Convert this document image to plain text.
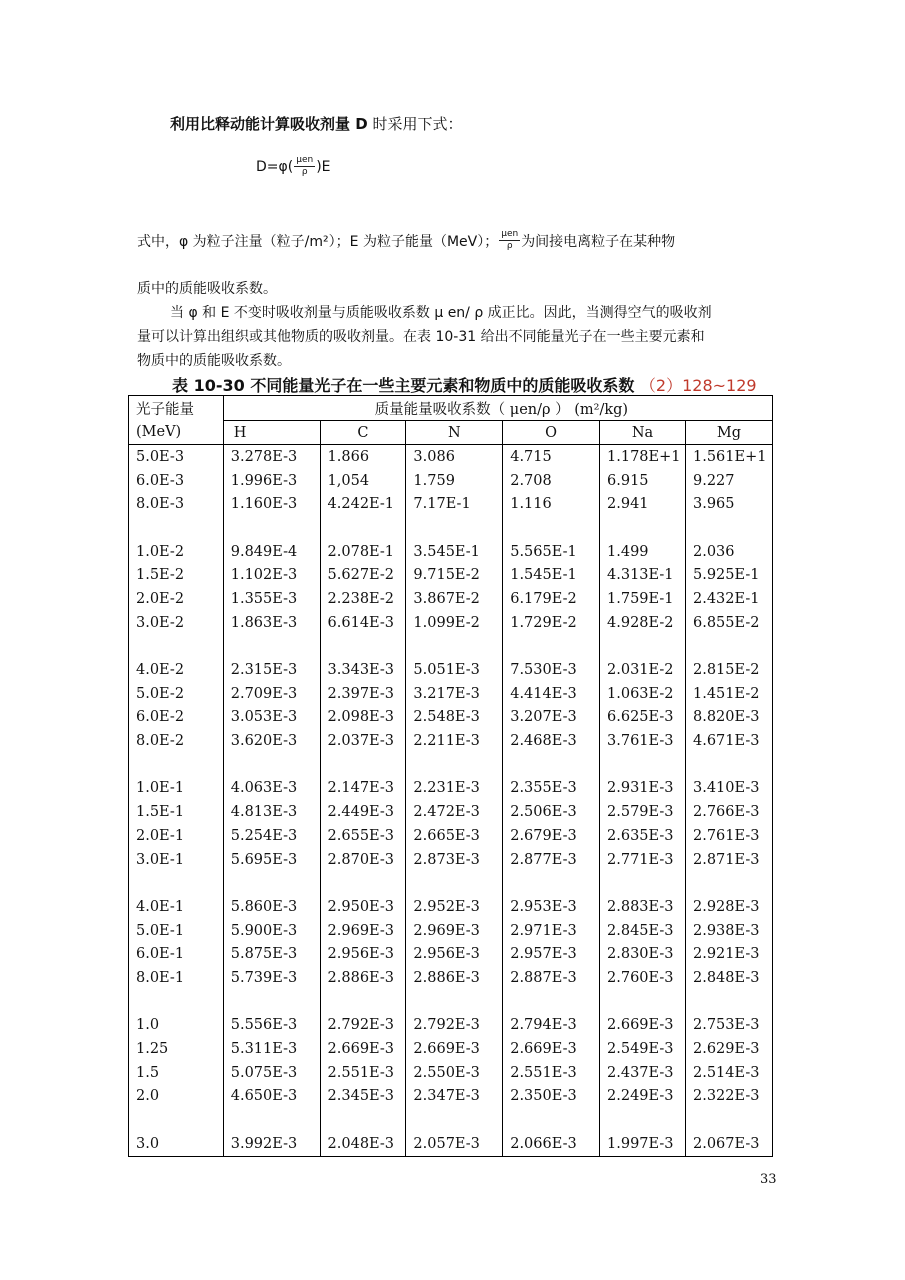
利用比释动能计算吸收剂量 D 时采用下式：
$D=\varphi( \frac{\text{μen}}{\rho} )E$
式中，φ 为粒子注量（粒子/m²）；E 为粒子能量（MeV）； $\frac{\text{μen}}{\rho}$ 为间接电离粒子在某种物
质中的质能吸收系数。
当 φ 和 E 不变时吸收剂量与质能吸收系数 μ en/ ρ 成正比。因此，当测得空气的吸收剂
量可以计算出组织或其他物质的吸收剂量。在表 10-31 给出不同能量光子在一些主要元素和
物质中的质能吸收系数。
表 10-30 不同能量光子在一些主要元素和物质中的质能吸收系数 （2）128~129
光子能量	质量能量吸收系数（ μen/ρ ） (m²/kg)					
(MeV)	H	C	N	O	Na	Mg
5.0E-3	3.278E-3	1.866	3.086	4.715	1.178E+1	1.561E+1
6.0E-3	1.996E-3	1,054	1.759	2.708	6.915	9.227
8.0E-3	1.160E-3	4.242E-1	7.17E-1	1.116	2.941	3.965

1.0E-2	9.849E-4	2.078E-1	3.545E-1	5.565E-1	1.499	2.036
1.5E-2	1.102E-3	5.627E-2	9.715E-2	1.545E-1	4.313E-1	5.925E-1
2.0E-2	1.355E-3	2.238E-2	3.867E-2	6.179E-2	1.759E-1	2.432E-1
3.0E-2	1.863E-3	6.614E-3	1.099E-2	1.729E-2	4.928E-2	6.855E-2

4.0E-2	2.315E-3	3.343E-3	5.051E-3	7.530E-3	2.031E-2	2.815E-2
5.0E-2	2.709E-3	2.397E-3	3.217E-3	4.414E-3	1.063E-2	1.451E-2
6.0E-2	3.053E-3	2.098E-3	2.548E-3	3.207E-3	6.625E-3	8.820E-3
8.0E-2	3.620E-3	2.037E-3	2.211E-3	2.468E-3	3.761E-3	4.671E-3

1.0E-1	4.063E-3	2.147E-3	2.231E-3	2.355E-3	2.931E-3	3.410E-3
1.5E-1	4.813E-3	2.449E-3	2.472E-3	2.506E-3	2.579E-3	2.766E-3
2.0E-1	5.254E-3	2.655E-3	2.665E-3	2.679E-3	2.635E-3	2.761E-3
3.0E-1	5.695E-3	2.870E-3	2.873E-3	2.877E-3	2.771E-3	2.871E-3

4.0E-1	5.860E-3	2.950E-3	2.952E-3	2.953E-3	2.883E-3	2.928E-3
5.0E-1	5.900E-3	2.969E-3	2.969E-3	2.971E-3	2.845E-3	2.938E-3
6.0E-1	5.875E-3	2.956E-3	2.956E-3	2.957E-3	2.830E-3	2.921E-3
8.0E-1	5.739E-3	2.886E-3	2.886E-3	2.887E-3	2.760E-3	2.848E-3

1.0	5.556E-3	2.792E-3	2.792E-3	2.794E-3	2.669E-3	2.753E-3
1.25	5.311E-3	2.669E-3	2.669E-3	2.669E-3	2.549E-3	2.629E-3
1.5	5.075E-3	2.551E-3	2.550E-3	2.551E-3	2.437E-3	2.514E-3
2.0	4.650E-3	2.345E-3	2.347E-3	2.350E-3	2.249E-3	2.322E-3

3.0	3.992E-3	2.048E-3	2.057E-3	2.066E-3	1.997E-3	2.067E-3
33
